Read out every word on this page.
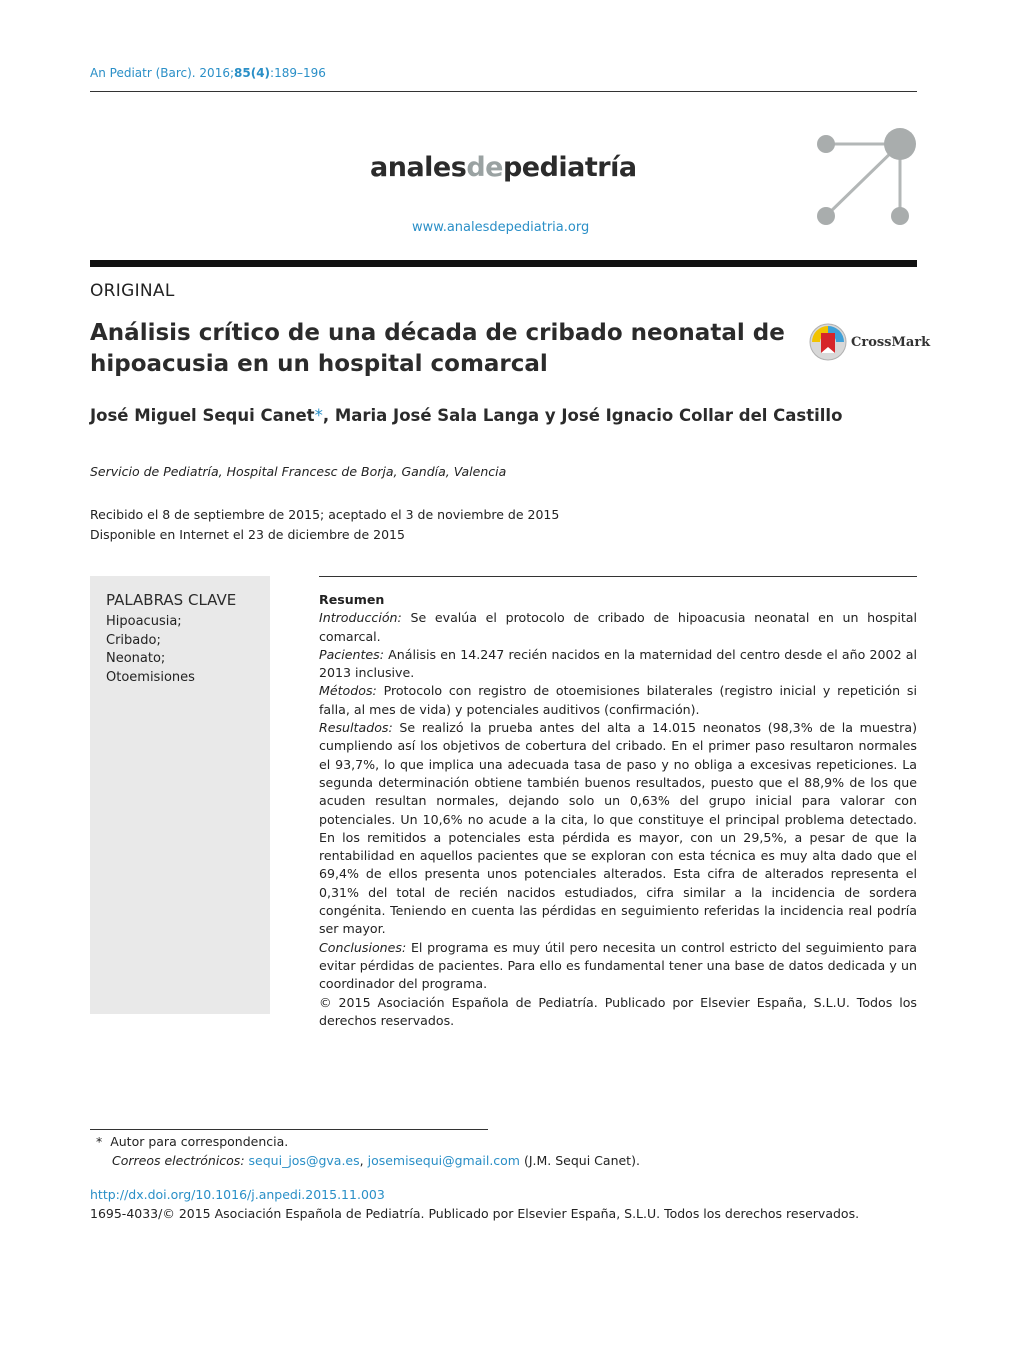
An Pediatr (Barc). 2016;85(4):189–196
analesdepediatría
www.analesdepediatria.org
ORIGINAL
Análisis crítico de una década de cribado neonatal de hipoacusia en un hospital comarcal
CrossMark
José Miguel Sequi Canet*, Maria José Sala Langa y José Ignacio Collar del Castillo
Servicio de Pediatría, Hospital Francesc de Borja, Gandía, Valencia
Recibido el 8 de septiembre de 2015; aceptado el 3 de noviembre de 2015
Disponible en Internet el 23 de diciembre de 2015
PALABRAS CLAVE
Hipoacusia;
Cribado;
Neonato;
Otoemisiones
Resumen

Introducción: Se evalúa el protocolo de cribado de hipoacusia neonatal en un hospital comarcal.

Pacientes: Análisis en 14.247 recién nacidos en la maternidad del centro desde el año 2002 al 2013 inclusive.

Métodos: Protocolo con registro de otoemisiones bilaterales (registro inicial y repetición si falla, al mes de vida) y potenciales auditivos (confirmación).

Resultados: Se realizó la prueba antes del alta a 14.015 neonatos (98,3% de la muestra) cumpliendo así los objetivos de cobertura del cribado. En el primer paso resultaron normales el 93,7%, lo que implica una adecuada tasa de paso y no obliga a excesivas repeticiones. La segunda determinación obtiene también buenos resultados, puesto que el 88,9% de los que acuden resultan normales, dejando solo un 0,63% del grupo inicial para valorar con potenciales. Un 10,6% no acude a la cita, lo que constituye el principal problema detectado. En los remitidos a potenciales esta pérdida es mayor, con un 29,5%, a pesar de que la rentabilidad en aquellos pacientes que se exploran con esta técnica es muy alta dado que el 69,4% de ellos presenta unos potenciales alterados. Esta cifra de alterados representa el 0,31% del total de recién nacidos estudiados, cifra similar a la incidencia de sordera congénita. Teniendo en cuenta las pérdidas en seguimiento referidas la incidencia real podría ser mayor.

Conclusiones: El programa es muy útil pero necesita un control estricto del seguimiento para evitar pérdidas de pacientes. Para ello es fundamental tener una base de datos dedicada y un coordinador del programa.

© 2015 Asociación Española de Pediatría. Publicado por Elsevier España, S.L.U. Todos los derechos reservados.

* Autor para correspondencia.
Correos electrónicos: sequi_jos@gva.es, josemisequi@gmail.com (J.M. Sequi Canet).
http://dx.doi.org/10.1016/j.anpedi.2015.11.003
1695-4033/© 2015 Asociación Española de Pediatría. Publicado por Elsevier España, S.L.U. Todos los derechos reservados.
